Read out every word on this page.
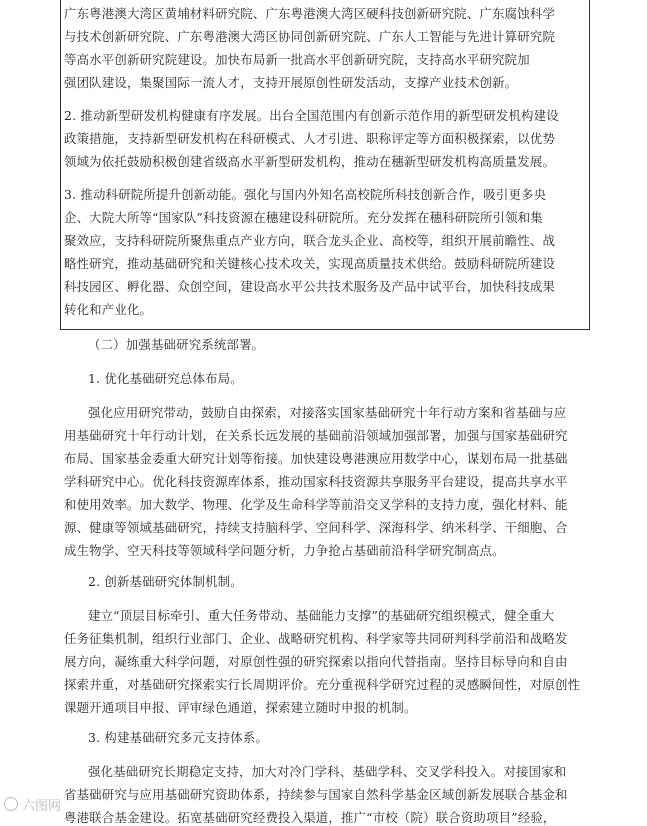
广东粤港澳大湾区黄埔材料研究院、广东粤港澳大湾区硬科技创新研究院、广东腐蚀科学
与技术创新研究院、广东粤港澳大湾区协同创新研究院、广东人工智能与先进计算研究院
等高水平创新研究院建设。加快布局新一批高水平创新研究院，支持高水平研究院加
强团队建设，集聚国际一流人才，支持开展原创性研发活动，支撑产业技术创新。
2. 推动新型研发机构健康有序发展。出台全国范围内有创新示范作用的新型研发机构建设
政策措施，支持新型研发机构在科研模式、人才引进、职称评定等方面积极探索，以优势
领域为依托鼓励积极创建省级高水平新型研发机构，推动在穗新型研发机构高质量发展。
3. 推动科研院所提升创新动能。强化与国内外知名高校院所科技创新合作，吸引更多央
企、大院大所等“国家队”科技资源在穗建设科研院所。充分发挥在穗科研院所引领和集
聚效应，支持科研院所聚焦重点产业方向，联合龙头企业、高校等，组织开展前瞻性、战
略性研究，推动基础研究和关键核心技术攻关，实现高质量技术供给。鼓励科研院所建设
科技园区、孵化器、众创空间，建设高水平公共技术服务及产品中试平台，加快科技成果
转化和产业化。
（二）加强基础研究系统部署。
1. 优化基础研究总体布局。
强化应用研究带动，鼓励自由探索，对接落实国家基础研究十年行动方案和省基础与应
用基础研究十年行动计划，在关系长远发展的基础前沿领域加强部署，加强与国家基础研究
布局、国家基金委重大研究计划等衔接。加快建设粤港澳应用数学中心，谋划布局一批基础
学科研究中心。优化科技资源库体系，推动国家科技资源共享服务平台建设，提高共享水平
和使用效率。加大数学、物理、化学及生命科学等前沿交叉学科的支持力度，强化材料、能
源、健康等领域基础研究，持续支持脑科学、空间科学、深海科学、纳米科学、干细胞、合
成生物学、空天科技等领域科学问题分析，力争抢占基础前沿科学研究制高点。
2. 创新基础研究体制机制。
建立“顶层目标牵引、重大任务带动、基础能力支撑”的基础研究组织模式，健全重大
任务征集机制，组织行业部门、企业、战略研究机构、科学家等共同研判科学前沿和战略发
展方向，凝练重大科学问题，对原创性强的研究探索以指向代替指南。坚持目标导向和自由
探索并重，对基础研究探索实行长周期评价。充分重视科学研究过程的灵感瞬间性，对原创性
课题开通项目申报、评审绿色通道，探索建立随时申报的机制。
3. 构建基础研究多元支持体系。
强化基础研究长期稳定支持，加大对冷门学科、基础学科、交叉学科投入。对接国家和
省基础研究与应用基础研究资助体系，持续参与国家自然科学基金区域创新发展联合基金和
粤港联合基金建设。拓宽基础研究经费投入渠道，推广“市校（院）联合资助项目”经验，
六图网
